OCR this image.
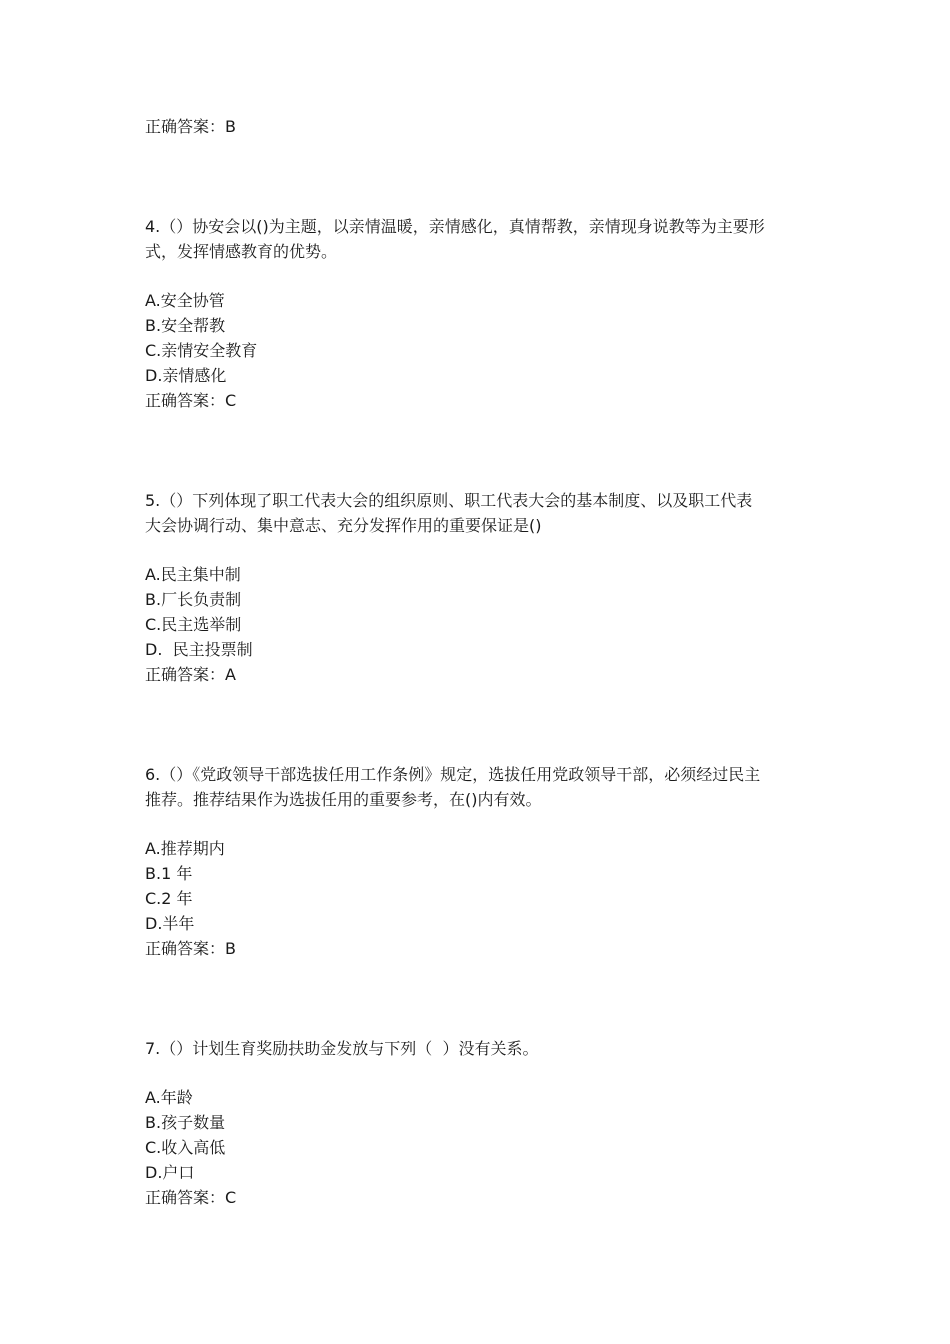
正确答案：B
4.（）协安会以()为主题，以亲情温暖，亲情感化，真情帮教，亲情现身说教等为主要形
式，发挥情感教育的优势。
A.安全协管
B.安全帮教
C.亲情安全教育
D.亲情感化
正确答案：C
5.（）下列体现了职工代表大会的组织原则、职工代表大会的基本制度、以及职工代表
大会协调行动、集中意志、充分发挥作用的重要保证是()
A.民主集中制
B.厂长负责制
C.民主选举制
D.  民主投票制
正确答案：A
6.（）《党政领导干部选拔任用工作条例》规定，选拔任用党政领导干部，必须经过民主
推荐。推荐结果作为选拔任用的重要参考，在()内有效。
A.推荐期内
B.1 年
C.2 年
D.半年
正确答案：B
7.（）计划生育奖励扶助金发放与下列（  ）没有关系。
A.年龄
B.孩子数量
C.收入高低
D.户口
正确答案：C
